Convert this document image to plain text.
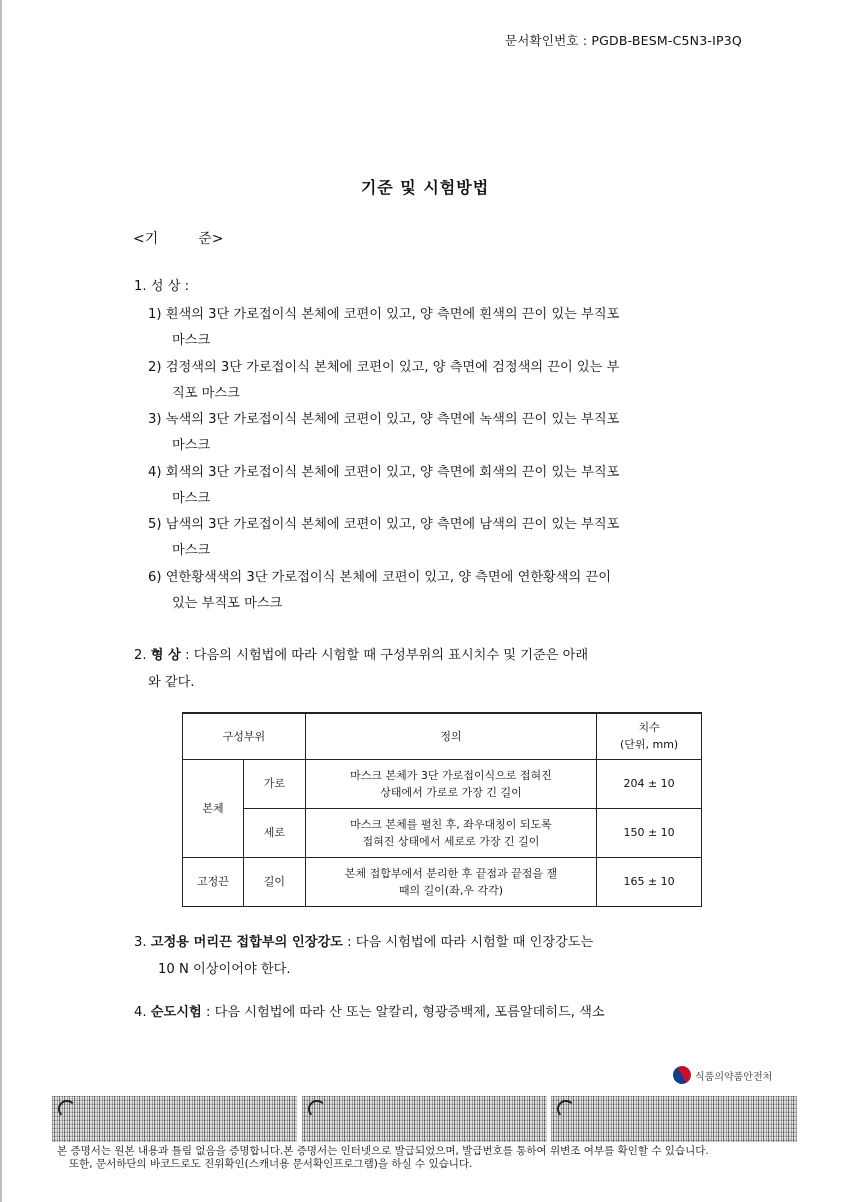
문서확인번호 : PGDB-BESM-C5N3-IP3Q
기준 및 시험방법
<기	준>
1. 성 상 :
1) 흰색의 3단 가로접이식 본체에 코편이 있고, 양 측면에 흰색의 끈이 있는 부직포
마스크
2) 검정색의 3단 가로접이식 본체에 코편이 있고, 양 측면에 검정색의 끈이 있는 부
직포 마스크
3) 녹색의 3단 가로접이식 본체에 코편이 있고, 양 측면에 녹색의 끈이 있는 부직포
마스크
4) 회색의 3단 가로접이식 본체에 코편이 있고, 양 측면에 회색의 끈이 있는 부직포
마스크
5) 남색의 3단 가로접이식 본체에 코편이 있고, 양 측면에 남색의 끈이 있는 부직포
마스크
6) 연한황색색의 3단 가로접이식 본체에 코편이 있고, 양 측면에 연한황색의 끈이
있는 부직포 마스크
2. 형 상 : 다음의 시험법에 따라 시험할 때 구성부위의 표시치수 및 기준은 아래
와 같다.
구성부위		정의	치수
(단위, mm)

본체	가로	마스크 본체가 3단 가로접이식으로 접혀진
상태에서 가로로 가장 긴 길이	204 ± 10
	세로	마스크 본체를 펼친 후, 좌우대칭이 되도록
접혀진 상태에서 세로로 가장 긴 길이	150 ± 10
고정끈	길이	본체 접합부에서 분리한 후 끝점과 끝점을 잴
때의 길이(좌,우 각각)	165 ± 10
3. 고정용 머리끈 접합부의 인장강도 : 다음 시험법에 따라 시험할 때 인장강도는
10 N 이상이어야 한다.
4. 순도시험 : 다음 시험법에 따라 산 또는 알칼리, 형광증백제, 포름알데히드, 색소
식품의약품안전처
본 증명서는 원본 내용과 틀림 없음을 증명합니다.본 증명서는 인터넷으로 발급되었으며, 발급번호를 통하여 위변조 여부를 확인할 수 있습니다.
또한, 문서하단의 바코드로도 진위확인(스캐너용 문서확인프로그램)을 하실 수 있습니다.
